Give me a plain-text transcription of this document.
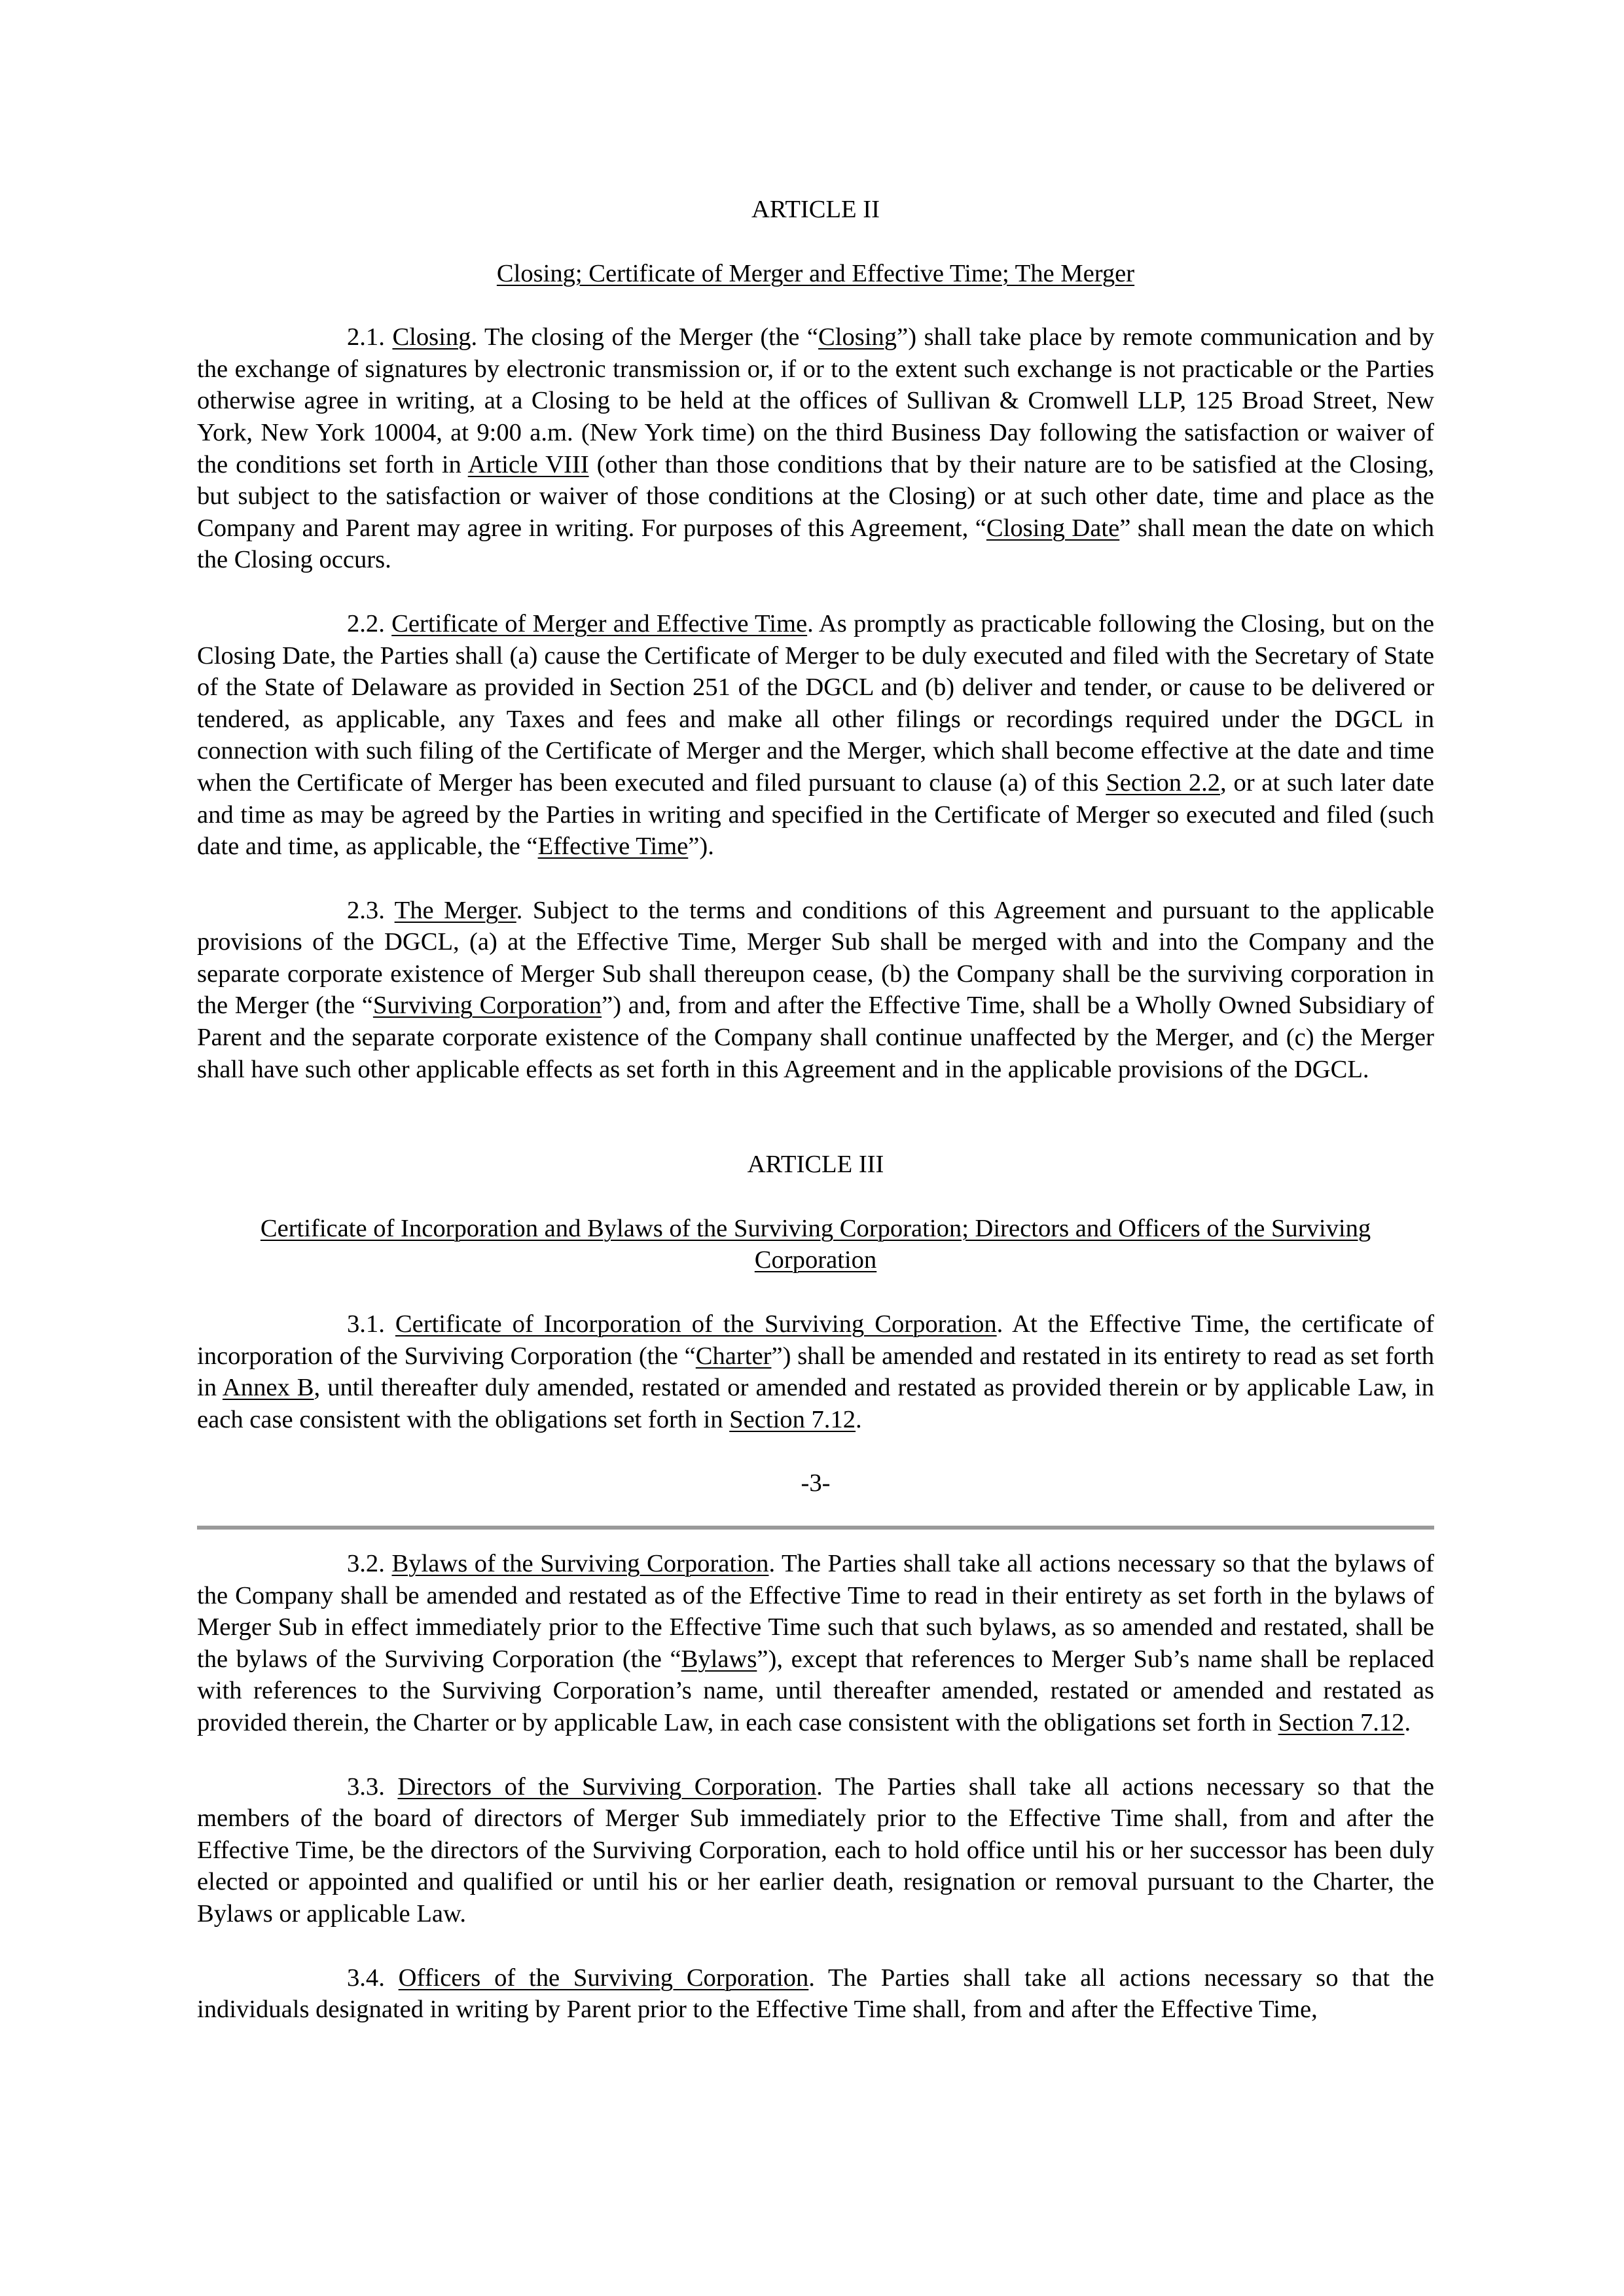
ARTICLE II

Closing; Certificate of Merger and Effective Time; The Merger

2.1. Closing. The closing of the Merger (the “Closing”) shall take place by remote communication and by the exchange of signatures by electronic transmission or, if or to the extent such exchange is not practicable or the Parties otherwise agree in writing, at a Closing to be held at the offices of Sullivan & Cromwell LLP, 125 Broad Street, New York, New York 10004, at 9:00 a.m. (New York time) on the third Business Day following the satisfaction or waiver of the conditions set forth in Article VIII (other than those conditions that by their nature are to be satisfied at the Closing, but subject to the satisfaction or waiver of those conditions at the Closing) or at such other date, time and place as the Company and Parent may agree in writing. For purposes of this Agreement, “Closing Date” shall mean the date on which the Closing occurs.

2.2. Certificate of Merger and Effective Time. As promptly as practicable following the Closing, but on the Closing Date, the Parties shall (a) cause the Certificate of Merger to be duly executed and filed with the Secretary of State of the State of Delaware as provided in Section 251 of the DGCL and (b) deliver and tender, or cause to be delivered or tendered, as applicable, any Taxes and fees and make all other filings or recordings required under the DGCL in connection with such filing of the Certificate of Merger and the Merger, which shall become effective at the date and time when the Certificate of Merger has been executed and filed pursuant to clause (a) of this Section 2.2, or at such later date and time as may be agreed by the Parties in writing and specified in the Certificate of Merger so executed and filed (such date and time, as applicable, the “Effective Time”).

2.3. The Merger. Subject to the terms and conditions of this Agreement and pursuant to the applicable provisions of the DGCL, (a) at the Effective Time, Merger Sub shall be merged with and into the Company and the separate corporate existence of Merger Sub shall thereupon cease, (b) the Company shall be the surviving corporation in the Merger (the “Surviving Corporation”) and, from and after the Effective Time, shall be a Wholly Owned Subsidiary of Parent and the separate corporate existence of the Company shall continue unaffected by the Merger, and (c) the Merger shall have such other applicable effects as set forth in this Agreement and in the applicable provisions of the DGCL.

ARTICLE III

Certificate of Incorporation and Bylaws of the Surviving Corporation; Directors and Officers of the Surviving Corporation

3.1. Certificate of Incorporation of the Surviving Corporation. At the Effective Time, the certificate of incorporation of the Surviving Corporation (the “Charter”) shall be amended and restated in its entirety to read as set forth in Annex B, until thereafter duly amended, restated or amended and restated as provided therein or by applicable Law, in each case consistent with the obligations set forth in Section 7.12.

-3-

3.2. Bylaws of the Surviving Corporation. The Parties shall take all actions necessary so that the bylaws of the Company shall be amended and restated as of the Effective Time to read in their entirety as set forth in the bylaws of Merger Sub in effect immediately prior to the Effective Time such that such bylaws, as so amended and restated, shall be the bylaws of the Surviving Corporation (the “Bylaws”), except that references to Merger Sub’s name shall be replaced with references to the Surviving Corporation’s name, until thereafter amended, restated or amended and restated as provided therein, the Charter or by applicable Law, in each case consistent with the obligations set forth in Section 7.12.

3.3. Directors of the Surviving Corporation. The Parties shall take all actions necessary so that the members of the board of directors of Merger Sub immediately prior to the Effective Time shall, from and after the Effective Time, be the directors of the Surviving Corporation, each to hold office until his or her successor has been duly elected or appointed and qualified or until his or her earlier death, resignation or removal pursuant to the Charter, the Bylaws or applicable Law.

3.4. Officers of the Surviving Corporation. The Parties shall take all actions necessary so that the individuals designated in writing by Parent prior to the Effective Time shall, from and after the Effective Time,
